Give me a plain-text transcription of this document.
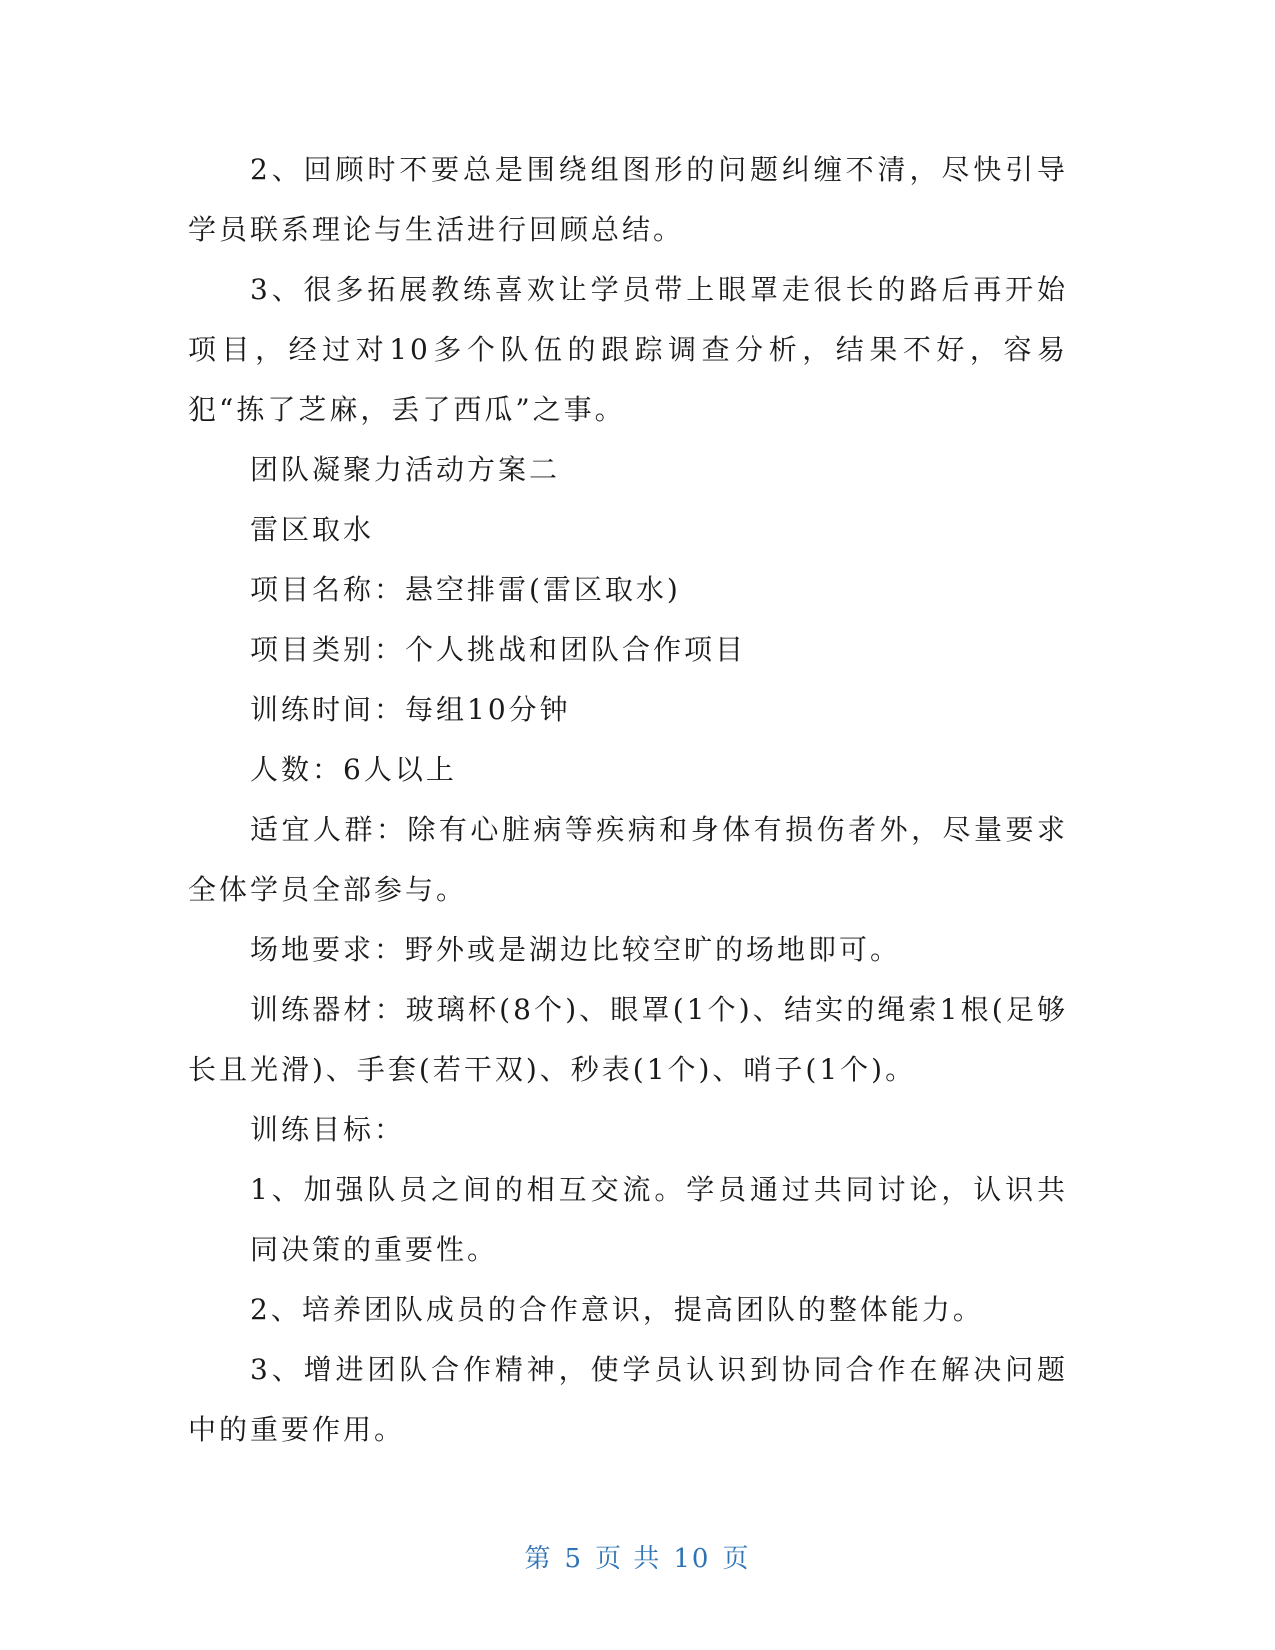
2、回顾时不要总是围绕组图形的问题纠缠不清，尽快引导学员联系理论与生活进行回顾总结。

3、很多拓展教练喜欢让学员带上眼罩走很长的路后再开始项目，经过对10多个队伍的跟踪调查分析，结果不好，容易犯“拣了芝麻，丢了西瓜”之事。

团队凝聚力活动方案二

雷区取水

项目名称：悬空排雷(雷区取水)

项目类别：个人挑战和团队合作项目

训练时间：每组10分钟

人数：6人以上

适宜人群：除有心脏病等疾病和身体有损伤者外，尽量要求全体学员全部参与。

场地要求：野外或是湖边比较空旷的场地即可。

训练器材：玻璃杯(8个)、眼罩(1个)、结实的绳索1根(足够长且光滑)、手套(若干双)、秒表(1个)、哨子(1个)。

训练目标：

1、加强队员之间的相互交流。学员通过共同讨论，认识共同决策的重要性。

2、培养团队成员的合作意识，提高团队的整体能力。

3、增进团队合作精神，使学员认识到协同合作在解决问题中的重要作用。

第 5 页 共 10 页
